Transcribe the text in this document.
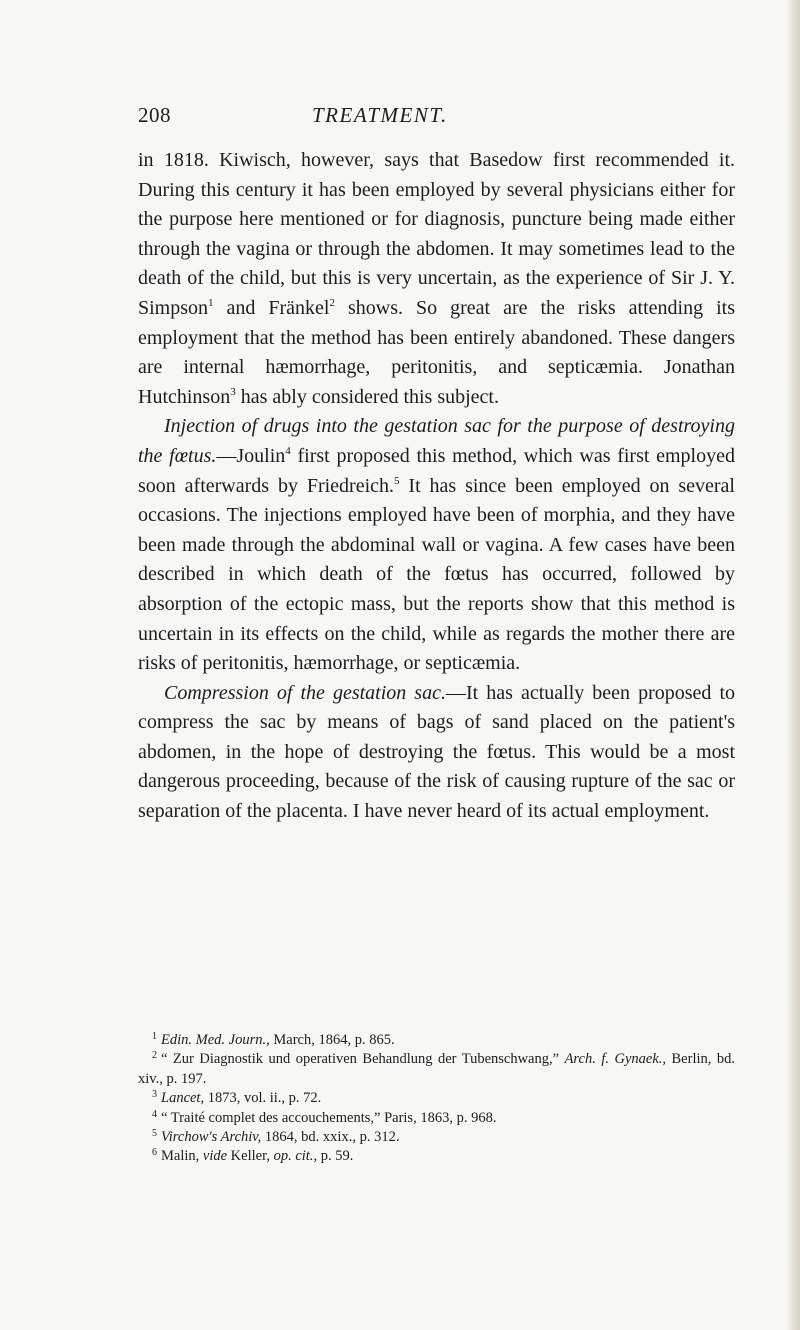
208	TREATMENT.

in 1818. Kiwisch, however, says that Basedow first recommended it. During this century it has been employed by several physicians either for the purpose here mentioned or for diagnosis, puncture being made either through the vagina or through the abdomen. It may sometimes lead to the death of the child, but this is very uncertain, as the experience of Sir J. Y. Simpson$^1$ and Fränkel$^2$ shows. So great are the risks attending its employment that the method has been entirely abandoned. These dangers are internal hæmorrhage, peritonitis, and septicæmia. Jonathan Hutchinson$^3$ has ably considered this subject.

Injection of drugs into the gestation sac for the purpose of destroying the fœtus.—Joulin$^4$ first proposed this method, which was first employed soon afterwards by Friedreich.$^5$ It has since been employed on several occasions. The injections employed have been of morphia, and they have been made through the abdominal wall or vagina. A few cases have been described in which death of the fœtus has occurred, followed by absorption of the ectopic mass, but the reports show that this method is uncertain in its effects on the child, while as regards the mother there are risks of peritonitis, hæmorrhage, or septicæmia.

Compression of the gestation sac.—It has actually been proposed to compress the sac by means of bags of sand placed on the patient's abdomen, in the hope of destroying the fœtus. This would be a most dangerous proceeding, because of the risk of causing rupture of the sac or separation of the placenta. I have never heard of its actual employment.

$^1$ Edin. Med. Journ., March, 1864, p. 865.

$^2$ “ Zur Diagnostik und operativen Behandlung der Tubenschwang,” Arch. f. Gynaek., Berlin, bd. xiv., p. 197.

$^3$ Lancet, 1873, vol. ii., p. 72.

$^4$ “ Traité complet des accouchements,” Paris, 1863, p. 968.

$^5$ Virchow's Archiv, 1864, bd. xxix., p. 312.

$^6$ Malin, vide Keller, op. cit., p. 59.
